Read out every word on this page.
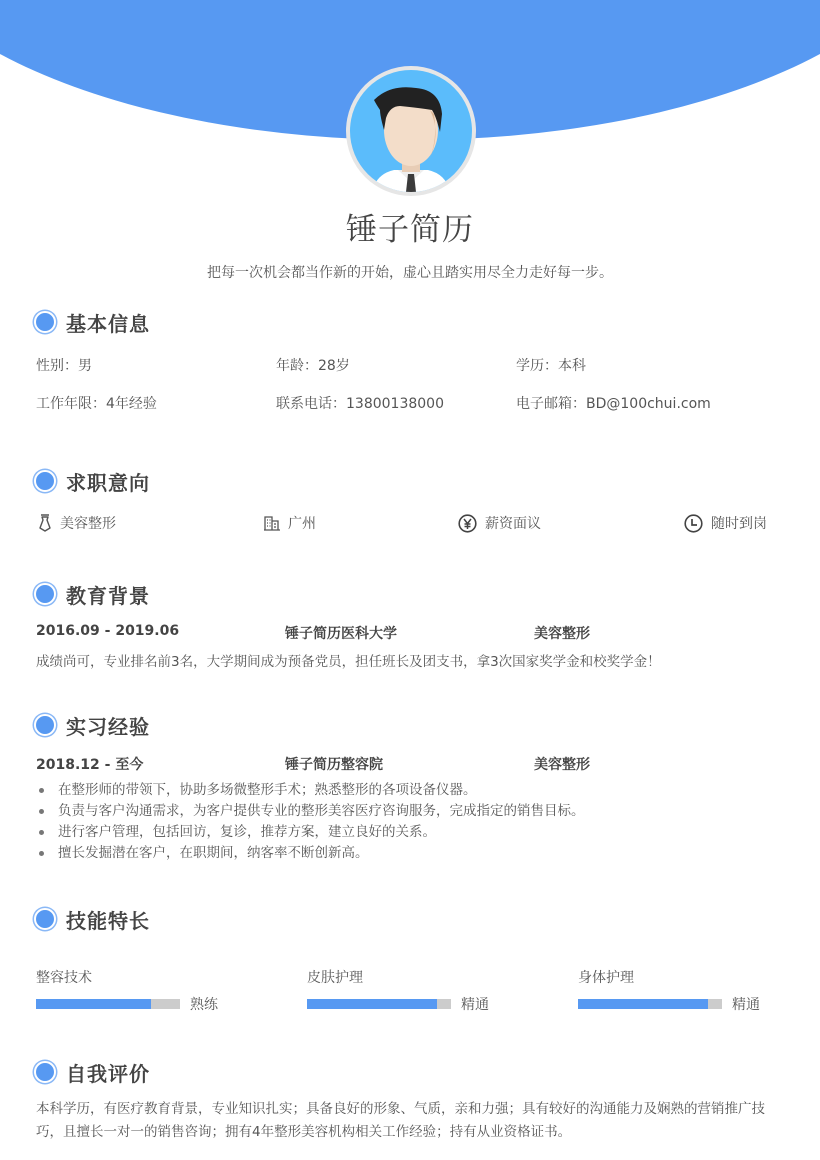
锤子简历
把每一次机会都当作新的开始，虚心且踏实用尽全力走好每一步。
基本信息
性别：男	年龄：28岁	学历：本科
工作年限：4年经验	联系电话：13800138000	电子邮箱：BD@100chui.com
求职意向
美容整形	广州	薪资面议	随时到岗
教育背景
2016.09 - 2019.06	锤子简历医科大学	美容整形
成绩尚可，专业排名前3名，大学期间成为预备党员，担任班长及团支书，拿3次国家奖学金和校奖学金！
实习经验
2018.12 - 至今	锤子简历整容院	美容整形
在整形师的带领下，协助多场微整形手术；熟悉整形的各项设备仪器。
负责与客户沟通需求，为客户提供专业的整形美容医疗咨询服务，完成指定的销售目标。
进行客户管理，包括回访，复诊，推荐方案，建立良好的关系。
擅长发掘潜在客户，在职期间，纳客率不断创新高。
技能特长
整容技术
熟练
皮肤护理
精通
身体护理
精通
自我评价
本科学历，有医疗教育背景，专业知识扎实；具备良好的形象、气质，亲和力强；具有较好的沟通能力及娴熟的营销推广技巧，且擅长一对一的销售咨询；拥有4年整形美容机构相关工作经验；持有从业资格证书。
